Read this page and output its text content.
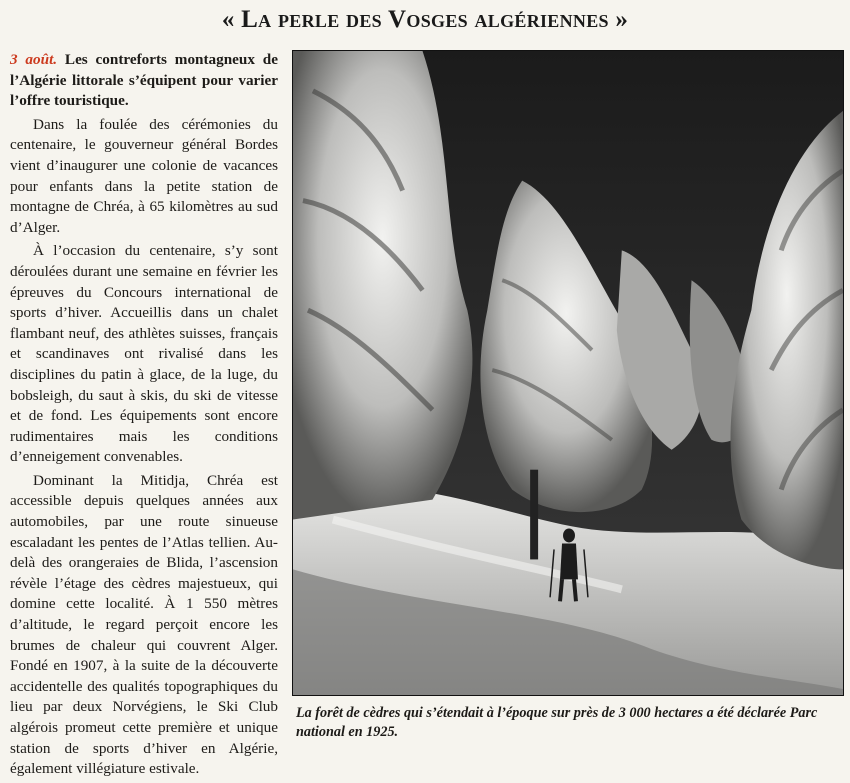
« La perle des Vosges algériennes »

3 août. Les contreforts montagneux de l’Algérie littorale s’équipent pour varier l’offre touristique.

Dans la foulée des cérémonies du centenaire, le gouverneur général Bordes vient d’inaugurer une colonie de vacances pour enfants dans la petite station de montagne de Chréa, à 65 kilomètres au sud d’Alger.

À l’occasion du centenaire, s’y sont déroulées durant une semaine en février les épreuves du Concours international de sports d’hiver. Accueillis dans un chalet flambant neuf, des athlètes suisses, français et scandinaves ont rivalisé dans les disciplines du patin à glace, de la luge, du bobsleigh, du saut à skis, du ski de vitesse et de fond. Les équipements sont encore rudimentaires mais les conditions d’enneigement convenables.

Dominant la Mitidja, Chréa est accessible depuis quelques années aux automobiles, par une route sinueuse escaladant les pentes de l’Atlas tellien. Au-delà des orangeraies de Blida, l’ascension révèle l’étage des cèdres majestueux, qui domine cette localité. À 1 550 mètres d’altitude, le regard perçoit encore les brumes de chaleur qui couvrent Alger. Fondé en 1907, à la suite de la découverte accidentelle des qualités topographiques du lieu par deux Norvégiens, le Ski Club algérois promeut cette première et unique station de sports d’hiver en Algérie, également villégiature estivale.

La forêt de cèdres qui s’étendait à l’époque sur près de 3 000 hectares a été déclarée Parc national en 1925.
